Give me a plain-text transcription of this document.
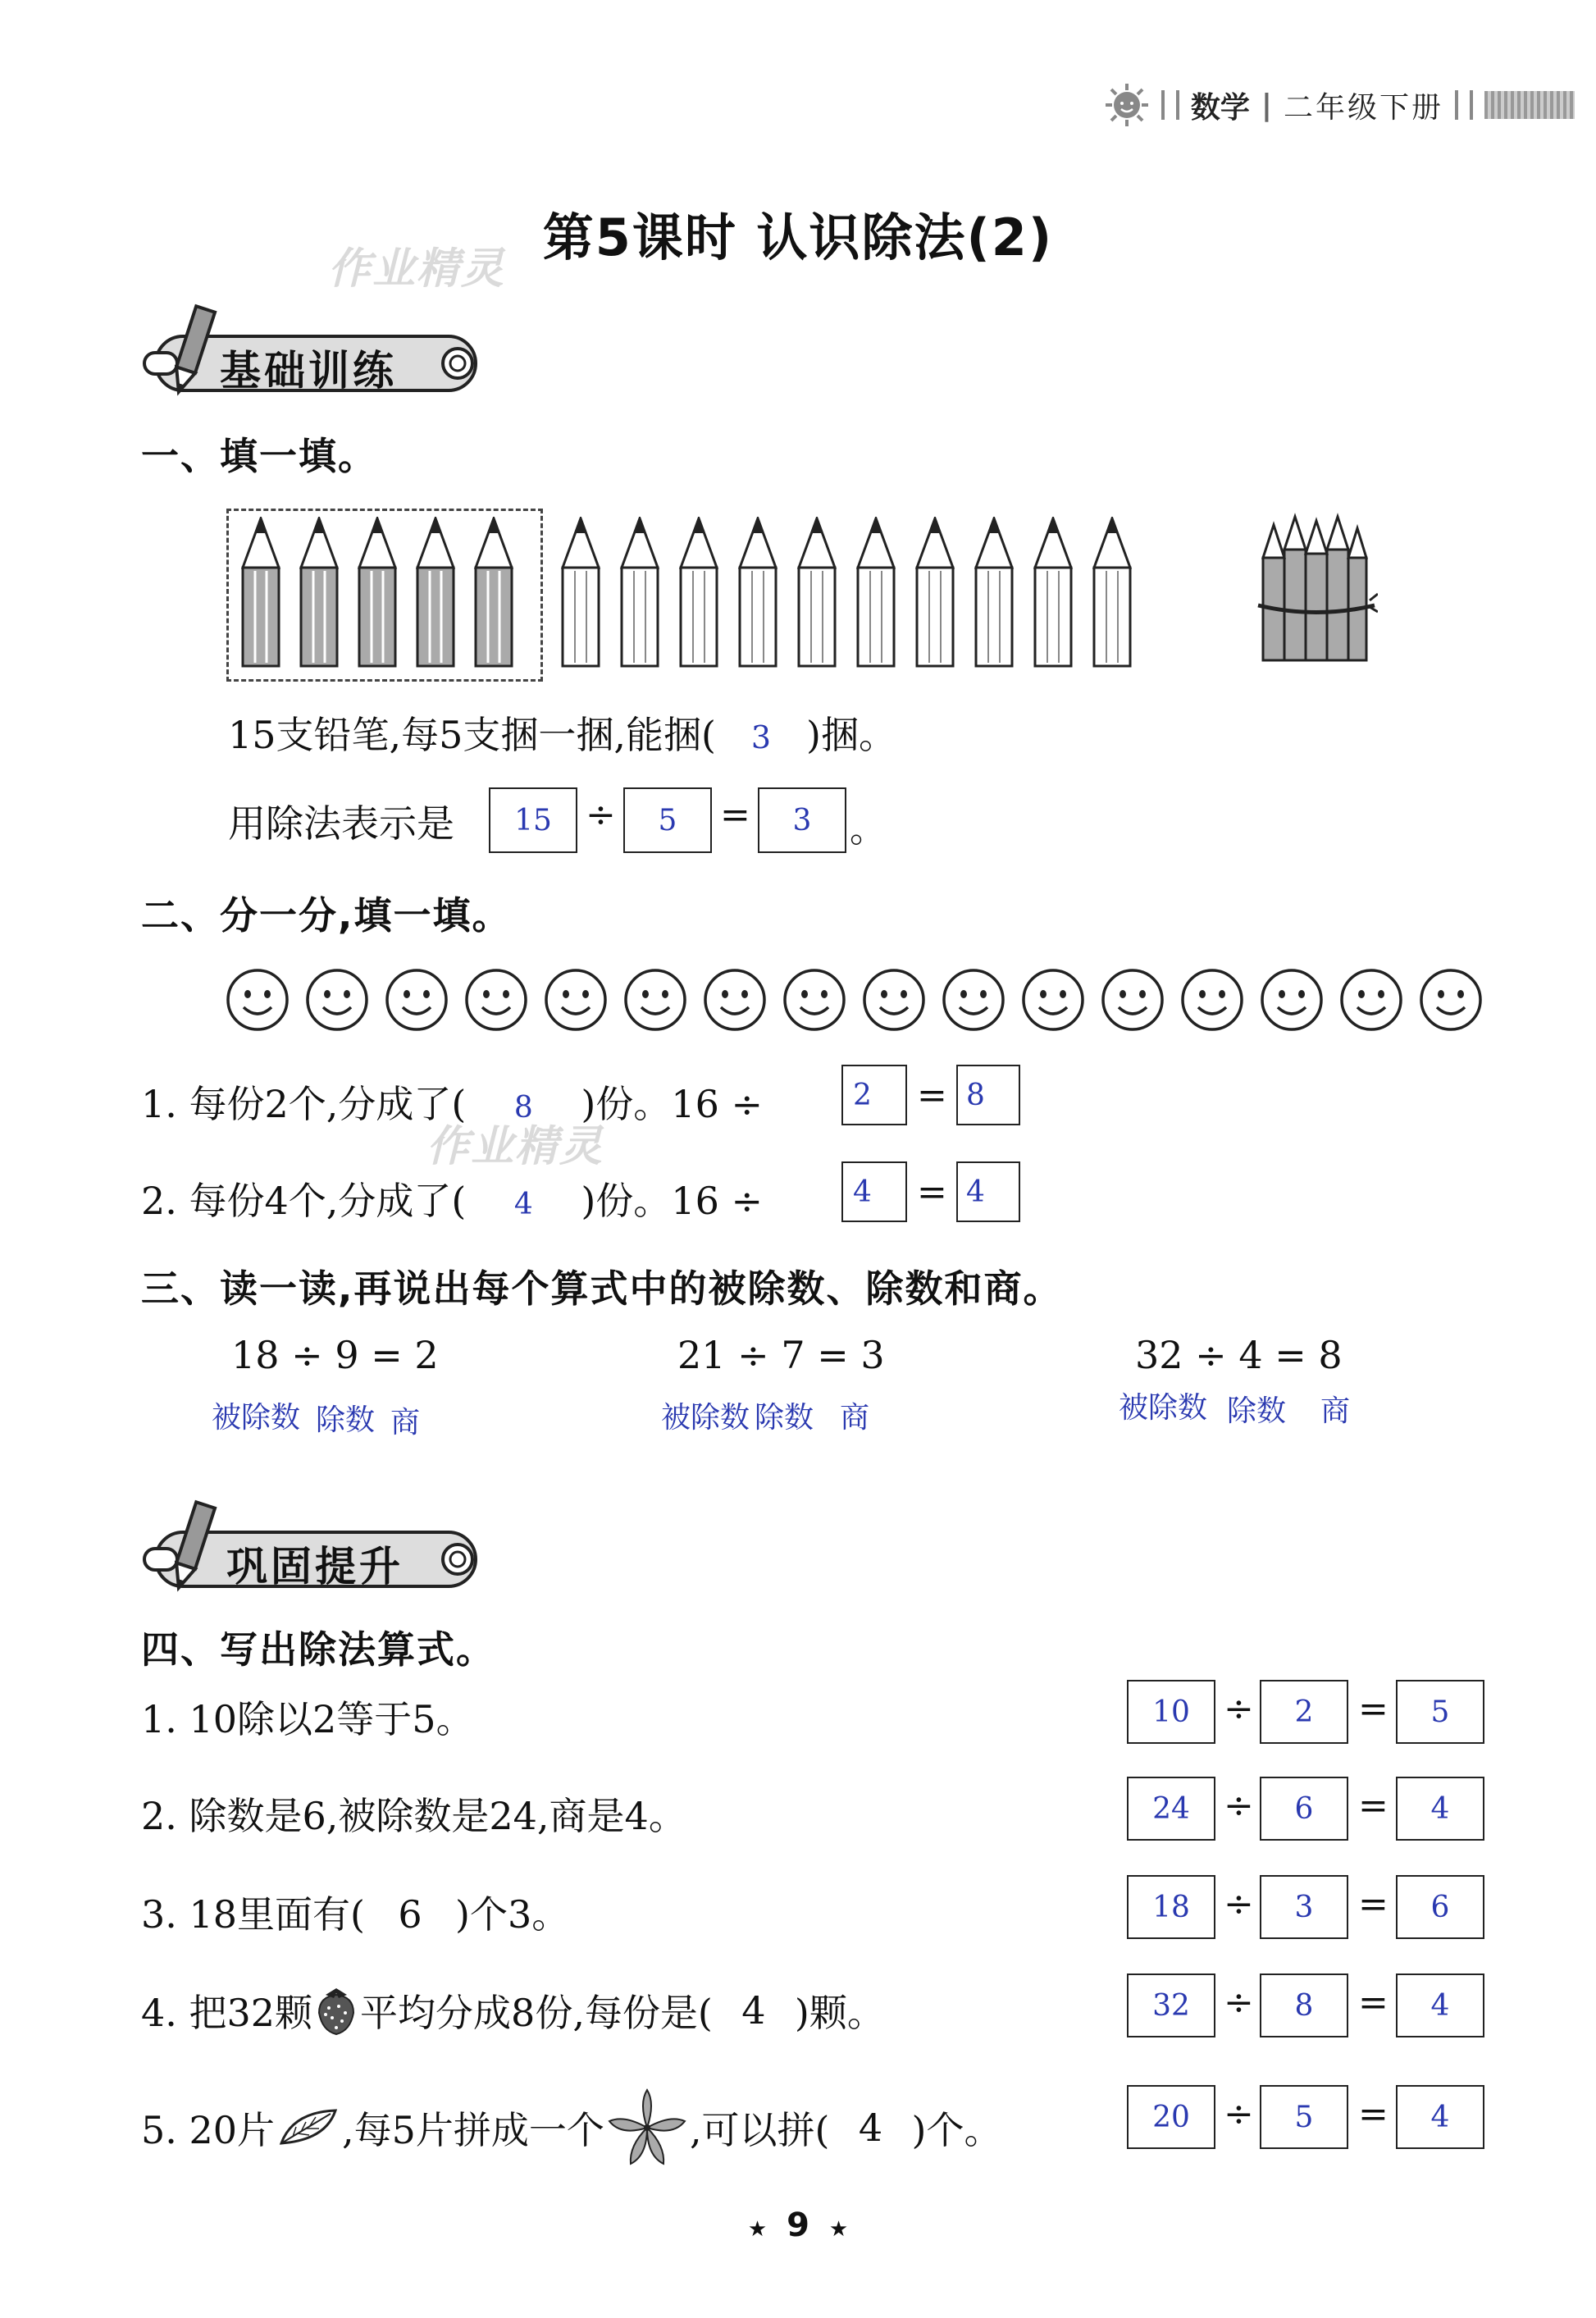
数学 | 二年级下册
作业精灵
作业精灵
第5课时 认识除法(2)
基础训练
一、填一填。
15支铅笔,每5支捆一捆,能捆( 3 )捆。
用除法表示是	15 ÷	5	=	3	。
二、分一分,填一填。
1. 每份2个,分成了( 8 )份。16 ÷	2	= 8
2. 每份4个,分成了( 4 )份。16 ÷	4	= 4
三、读一读,再说出每个算式中的被除数、除数和商。
18 ÷ 9 = 2
被除数 除数 商
21 ÷ 7 = 3
被除数 除数 商
32 ÷ 4 = 8
被除数 除数 商
巩固提升
四、写出除法算式。
1. 10除以2等于5。
2. 除数是6,被除数是24,商是4。
3. 18里面有( 6 )个3。
4. 把32颗 平均分成8份,每份是( 4 )颗。
5. 20片 ,每5片拼成一个 ,可以拼( 4 )个。
10 ÷	2	=	5
24 ÷	6	=	4
18 ÷	3	=	6
32 ÷	8	=	4
20 ÷	5	=	4
★ 9 ★
